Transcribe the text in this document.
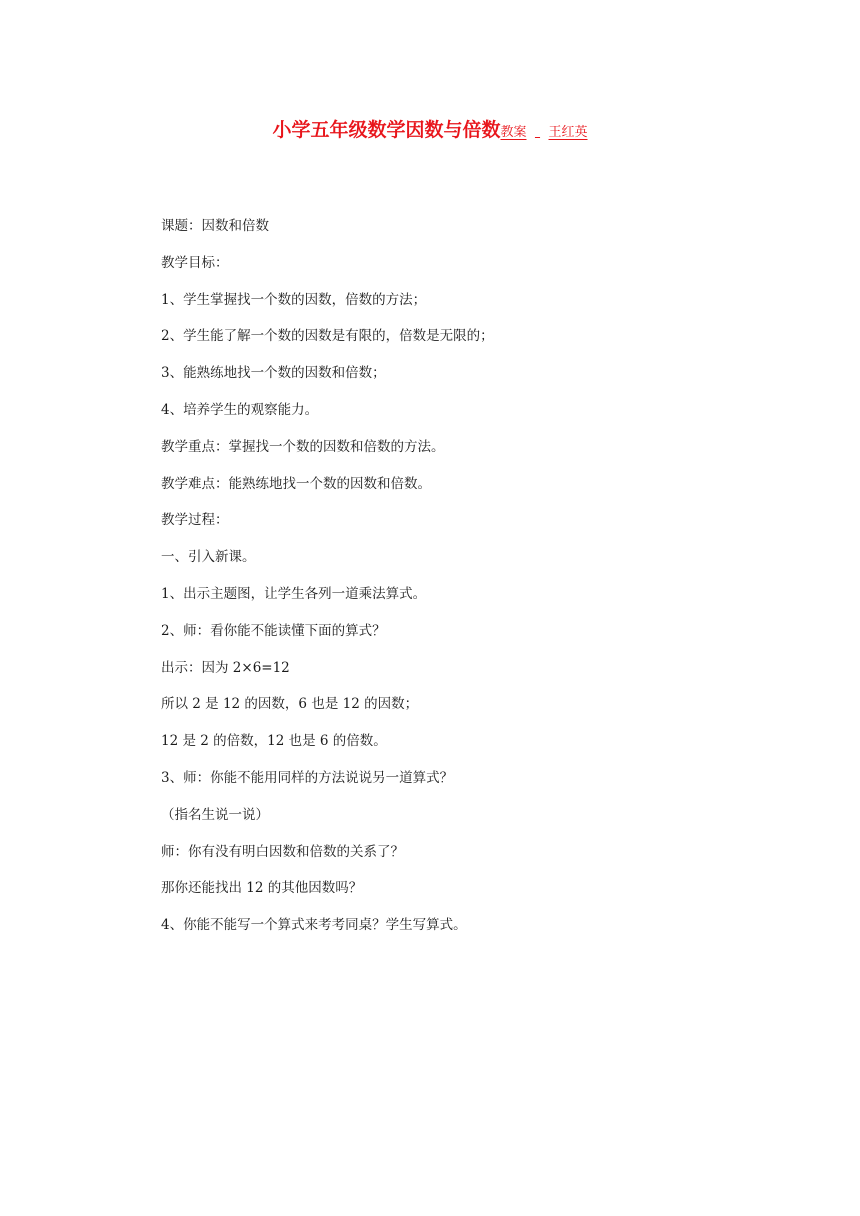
小学五年级数学因数与倍数教案 王红英
课题：因数和倍数
教学目标：
1、学生掌握找一个数的因数，倍数的方法；
2、学生能了解一个数的因数是有限的，倍数是无限的；
3、能熟练地找一个数的因数和倍数；
4、培养学生的观察能力。
教学重点：掌握找一个数的因数和倍数的方法。
教学难点：能熟练地找一个数的因数和倍数。
教学过程：
一、引入新课。
1、出示主题图，让学生各列一道乘法算式。
2、师：看你能不能读懂下面的算式？
出示：因为 2×6=12
所以 2 是 12 的因数，6 也是 12 的因数；
12 是 2 的倍数，12 也是 6 的倍数。
3、师：你能不能用同样的方法说说另一道算式？
（指名生说一说）
师：你有没有明白因数和倍数的关系了？
那你还能找出 12 的其他因数吗？
4、你能不能写一个算式来考考同桌？学生写算式。
